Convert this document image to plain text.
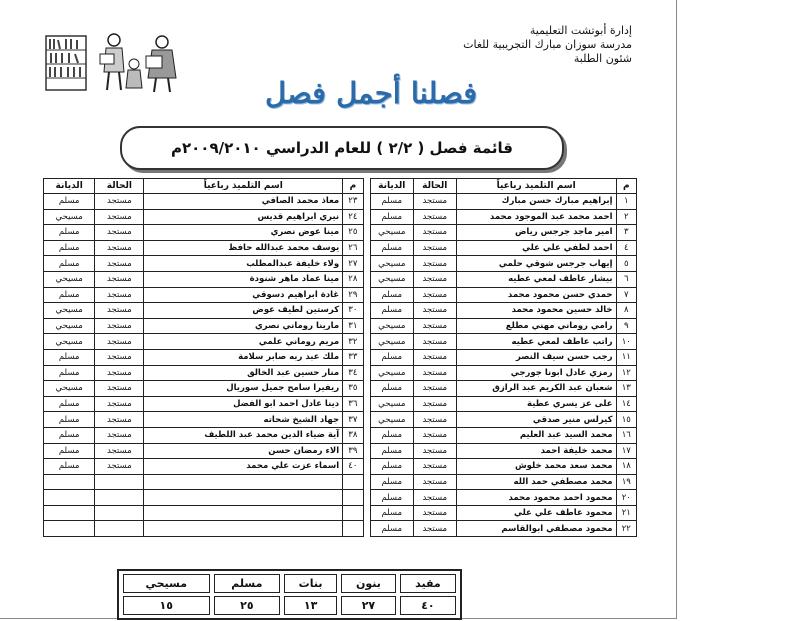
إدارة أبوتشت التعليمية
مدرسة سوزان مبارك التجريبية للغات
شئون الطلبة
فصلنا أجمل فصل
قائمة فصل ( ٢/٢ ) للعام الدراسي ٢٠٠٩/٢٠١٠م
م	اسم التلميذ رباعياً	الحالة	الديانة		م	اسم التلميذ رباعياً	الحالة	الديانة
١	إبراهيم مبارك حسن مبارك	مستجد	مسلم		٢٣	معاذ محمد الصافي	مستجد	مسلم
٢	احمد محمد عبد الموجود محمد	مستجد	مسلم		٢٤	نيري ابراهيم قديس	مستجد	مسيحي
٣	امير ماجد جرجس رياض	مستجد	مسيحي		٢٥	مينا عوض نصري	مستجد	مسلم
٤	احمد لطفي علي علي	مستجد	مسلم		٢٦	يوسف محمد عبدالله حافظ	مستجد	مسلم
٥	إيهاب جرجس شوقي حلمي	مستجد	مسيحي		٢٧	ولاء خليفة عبدالمطلب	مستجد	مسلم
٦	بيشار عاطف لمعي عطيه	مستجد	مسيحي		٢٨	مينا عماد ماهر شنودة	مستجد	مسيحي
٧	حمدي حسن محمود محمد	مستجد	مسلم		٢٩	غادة ابراهيم دسوقي	مستجد	مسلم
٨	خالد حسين محمود محمد	مستجد	مسلم		٣٠	كرستين لطيف عوض	مستجد	مسيحي
٩	رامي روماني مهني مطلع	مستجد	مسيحي		٣١	مارينا روماني نصري	مستجد	مسيحي
١٠	راتب عاطف لمعي عطيه	مستجد	مسيحي		٣٢	مريم روماني علمي	مستجد	مسيحي
١١	رجب حسن سيف النصر	مستجد	مسلم		٣٣	ملك عبد ربه صابر سلامة	مستجد	مسلم
١٢	رمزي عادل ابونا جورجي	مستجد	مسيحي		٣٤	منار حسين عبد الخالق	مستجد	مسلم
١٣	شعبان عبد الكريم عبد الرازق	مستجد	مسلم		٣٥	ريفيرا سامح جميل سوريال	مستجد	مسيحي
١٤	على عز يسري عطية	مستجد	مسيحي		٣٦	دينا عادل احمد ابو الفضل	مستجد	مسلم
١٥	كيرلس منير صدقي	مستجد	مسيحي		٣٧	جهاد الشيخ شحاته	مستجد	مسلم
١٦	محمد السيد عبد العليم	مستجد	مسلم		٣٨	آية ضياء الدين محمد عبد اللطيف	مستجد	مسلم
١٧	محمد خليفة احمد	مستجد	مسلم		٣٩	الاء رمضان حسن	مستجد	مسلم
١٨	محمد سعد محمد خلوش	مستجد	مسلم		٤٠	اسماء عزت علي محمد	مستجد	مسلم
١٩	محمد مصطفي حمد الله	مستجد	مسلم					
٢٠	محمود احمد محمود محمد	مستجد	مسلم					
٢١	محمود عاطف علي علي	مستجد	مسلم					
٢٢	محمود مصطفي ابوالقاسم	مستجد	مسلم					
مقيد	بنون	بنات	مسلم	مسيحي
٤٠	٢٧	١٣	٢٥	١٥
